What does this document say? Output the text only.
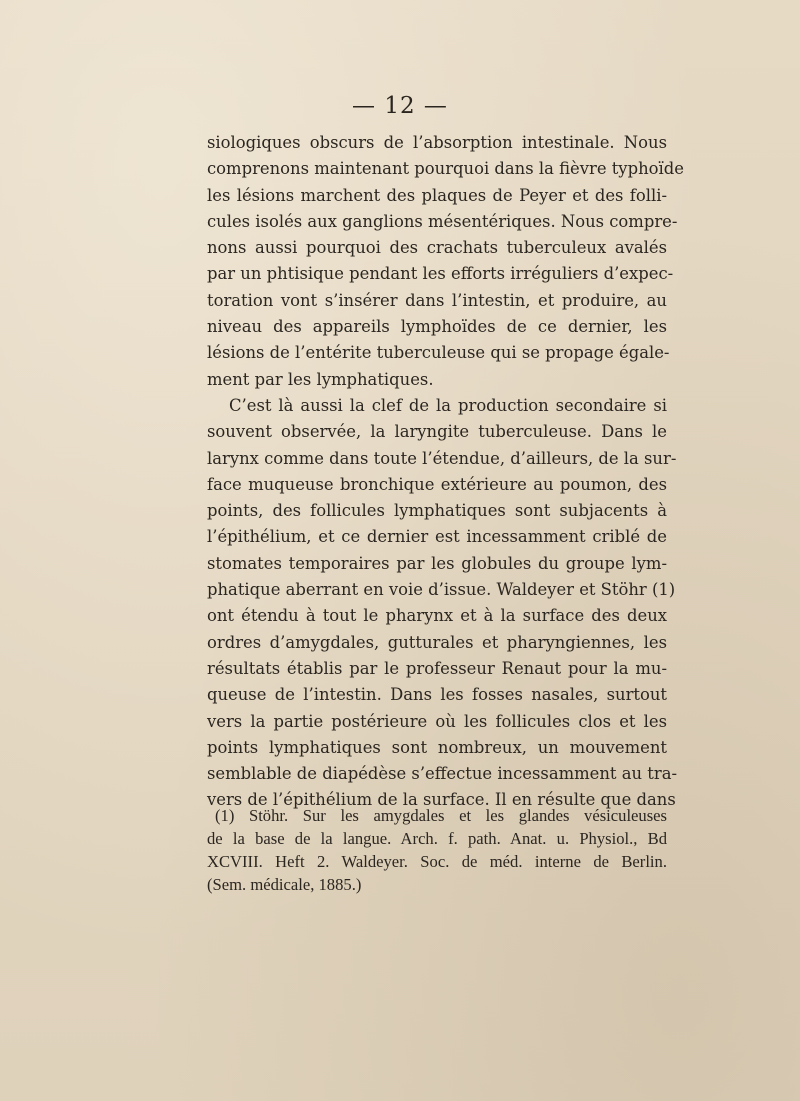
— 12 —
siologiques obscurs de l’absorption intestinale. Nous
comprenons maintenant pourquoi dans la fièvre typhoïde
les lésions marchent des plaques de Peyer et des folli-
cules isolés aux ganglions mésentériques. Nous compre-
nons aussi pourquoi des crachats tuberculeux avalés
par un phtisique pendant les efforts irréguliers d’expec-
toration vont s’insérer dans l’intestin, et produire, au
niveau des appareils lymphoïdes de ce dernier, les
lésions de l’entérite tuberculeuse qui se propage égale-
ment par les lymphatiques.
C’est là aussi la clef de la production secondaire si
souvent observée, la laryngite tuberculeuse. Dans le
larynx comme dans toute l’étendue, d’ailleurs, de la sur-
face muqueuse bronchique extérieure au poumon, des
points, des follicules lymphatiques sont subjacents à
l’épithélium, et ce dernier est incessamment criblé de
stomates temporaires par les globules du groupe lym-
phatique aberrant en voie d’issue. Waldeyer et Stöhr (1)
ont étendu à tout le pharynx et à la surface des deux
ordres d’amygdales, gutturales et pharyngiennes, les
résultats établis par le professeur Renaut pour la mu-
queuse de l’intestin. Dans les fosses nasales, surtout
vers la partie postérieure où les follicules clos et les
points lymphatiques sont nombreux, un mouvement
semblable de diapédèse s’effectue incessamment au tra-
vers de l’épithélium de la surface. Il en résulte que dans
(1) Stöhr. Sur les amygdales et les glandes vésiculeuses
de la base de la langue. Arch. f. path. Anat. u. Physiol., Bd
XCVIII. Heft 2. Waldeyer. Soc. de méd. interne de Berlin.
(Sem. médicale, 1885.)
